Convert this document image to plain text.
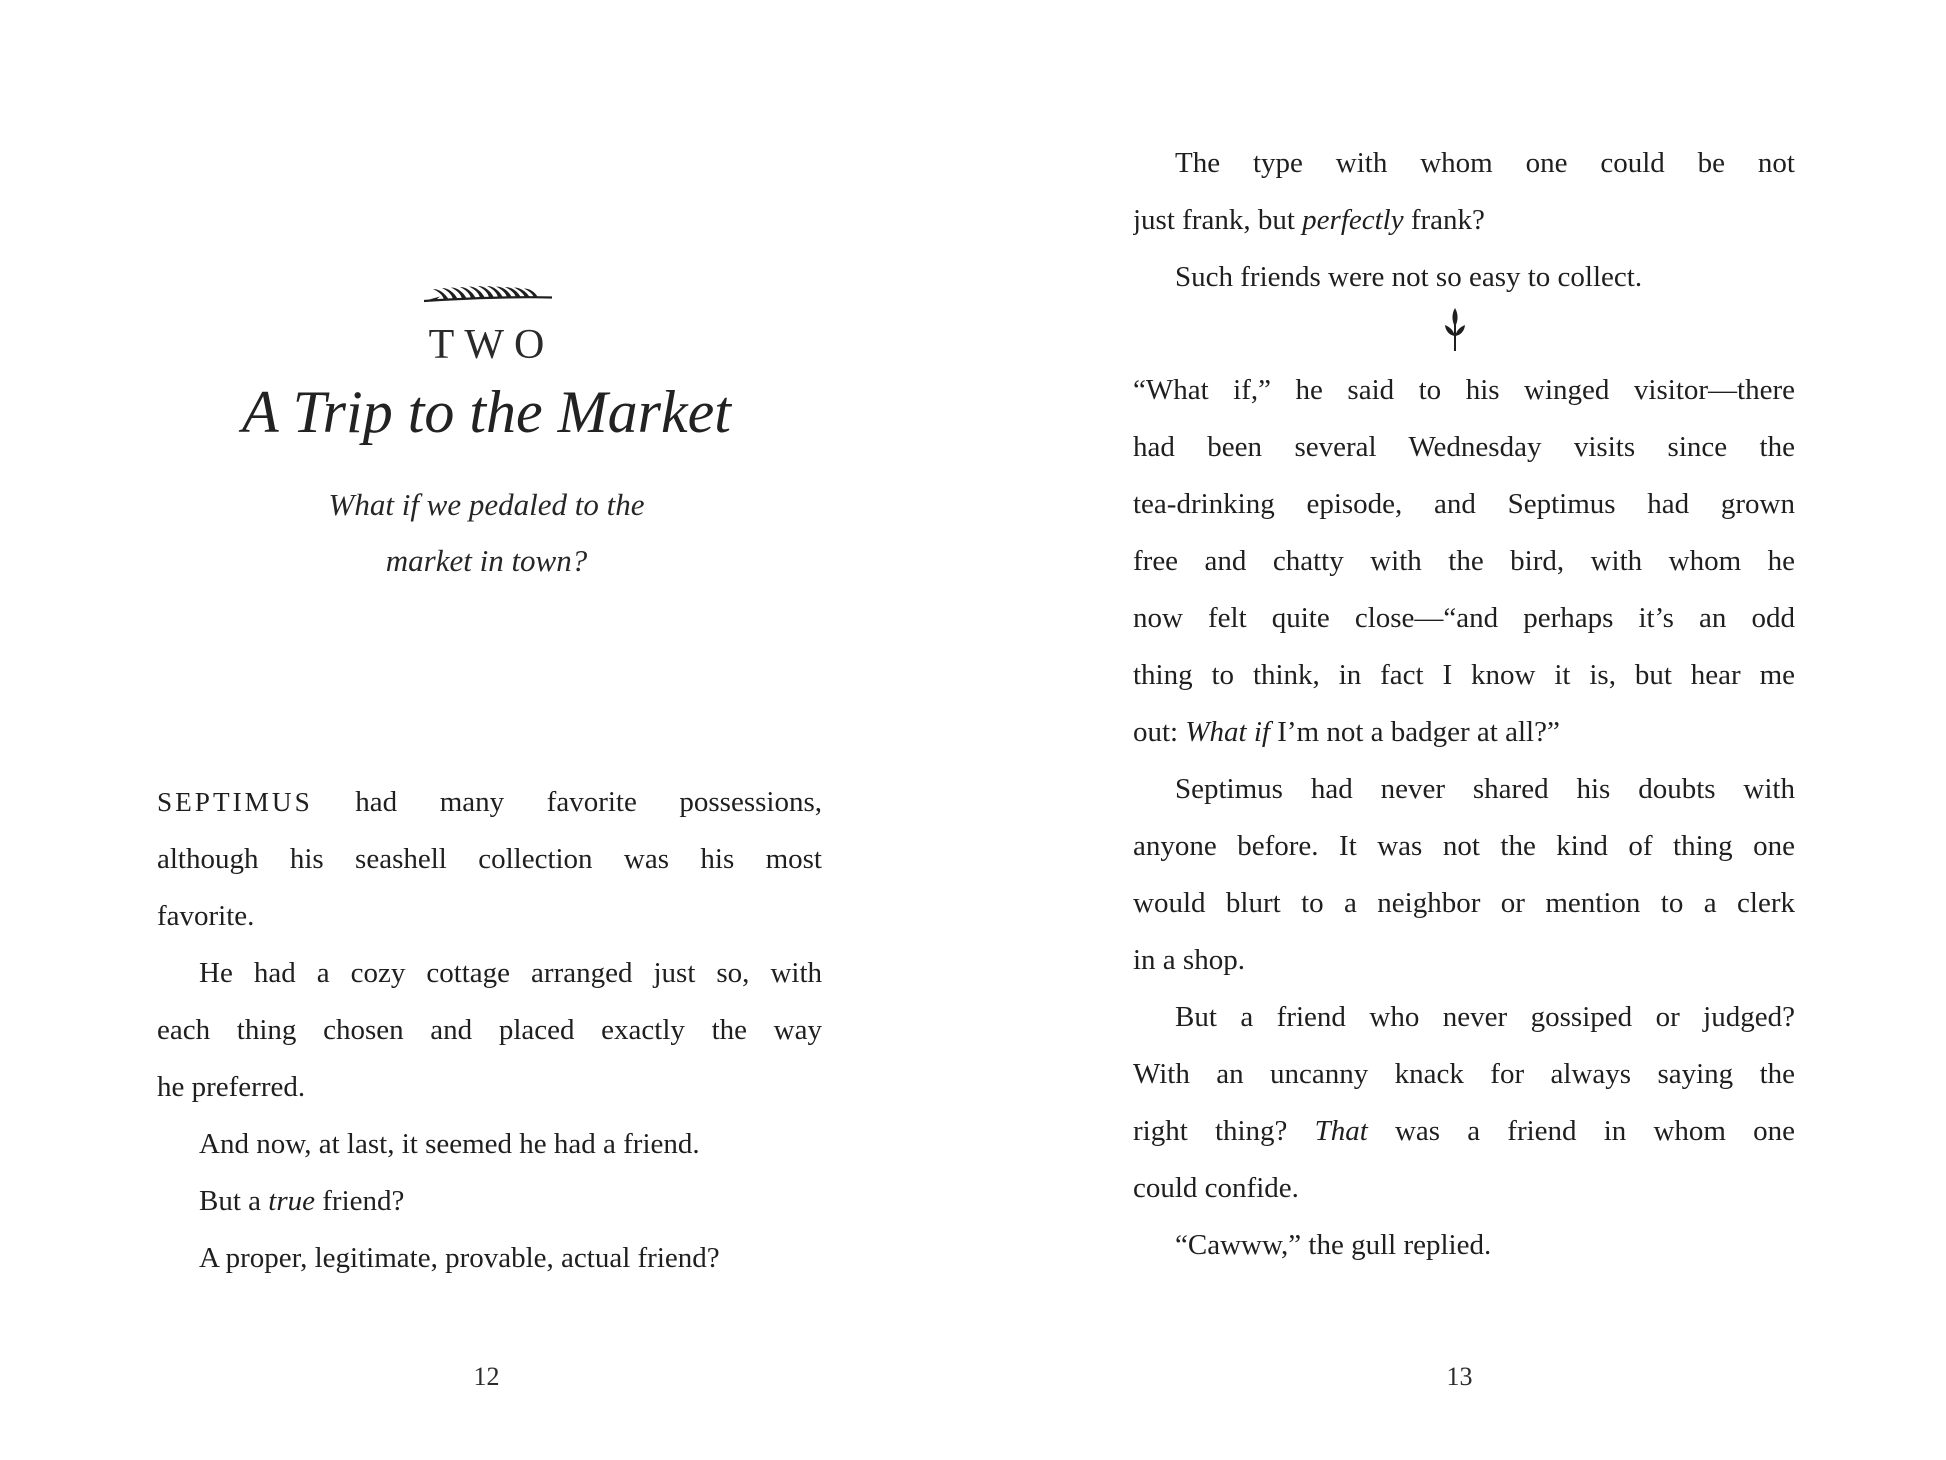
TWO
A Trip to the Market
What if we pedaled to the
market in town?
SEPTIMUS had many favorite possessions,
although his seashell collection was his most
favorite.
He had a cozy cottage arranged just so, with
each thing chosen and placed exactly the way
he preferred.
And now, at last, it seemed he had a friend.
But a true friend?
A proper, legitimate, provable, actual friend?
12
The type with whom one could be not
just frank, but perfectly frank?
Such friends were not so easy to collect.
“What if,” he said to his winged visitor—there
had been several Wednesday visits since the
tea-drinking episode, and Septimus had grown
free and chatty with the bird, with whom he
now felt quite close—“and perhaps it’s an odd
thing to think, in fact I know it is, but hear me
out: What if I’m not a badger at all?”
Septimus had never shared his doubts with
anyone before. It was not the kind of thing one
would blurt to a neighbor or mention to a clerk
in a shop.
But a friend who never gossiped or judged?
With an uncanny knack for always saying the
right thing? That was a friend in whom one
could confide.
“Cawww,” the gull replied.
13
